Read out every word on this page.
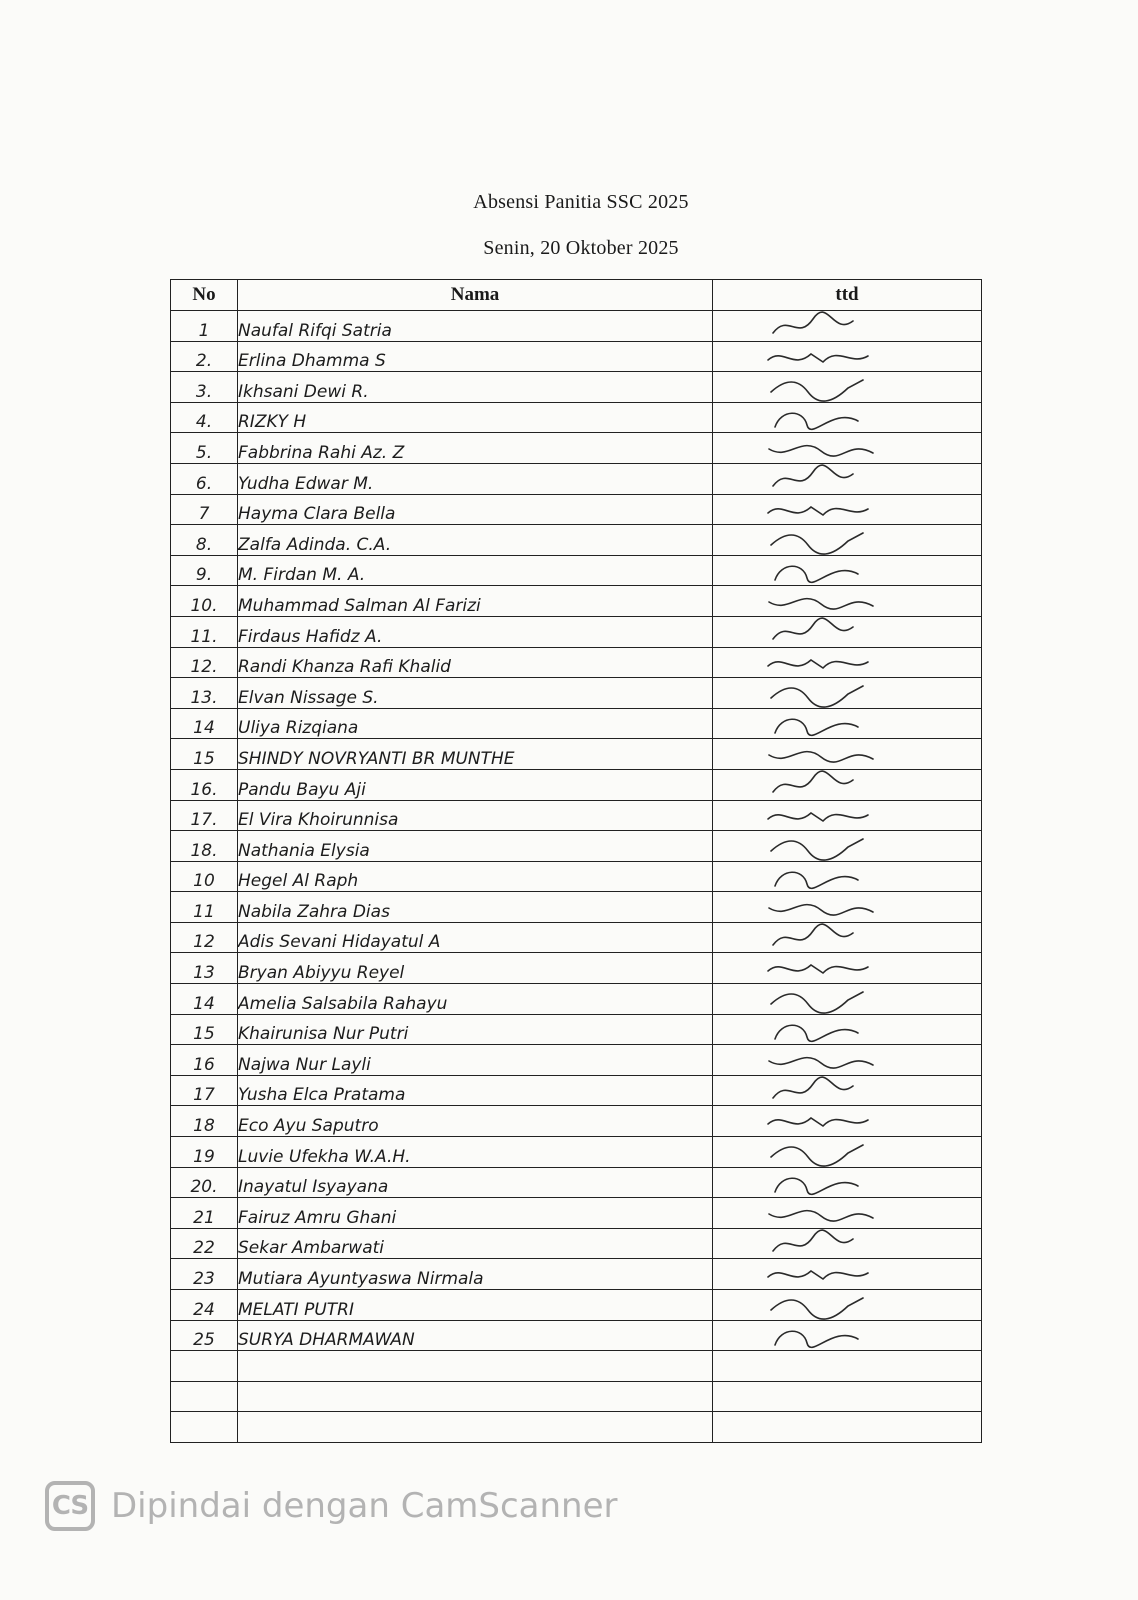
Absensi Panitia SSC 2025
Senin, 20 Oktober 2025
No	Nama	ttd
1	Naufal Rifqi Satria	

2.	Erlina Dhamma S	

3.	Ikhsani Dewi R.	

4.	RIZKY H	

5.	Fabbrina Rahi Az. Z	

6.	Yudha Edwar M.	

7	Hayma Clara Bella	

8.	Zalfa Adinda. C.A.	

9.	M. Firdan M. A.	

10.	Muhammad Salman Al Farizi	

11.	Firdaus Hafidz A.	

12.	Randi Khanza Rafi Khalid	

13.	Elvan Nissage S.	

14	Uliya Rizqiana	

15	SHINDY NOVRYANTI BR MUNTHE	

16.	Pandu Bayu Aji	

17.	El Vira Khoirunnisa	

18.	Nathania Elysia	

10	Hegel Al Raph	

11	Nabila Zahra Dias	

12	Adis Sevani Hidayatul A	

13	Bryan Abiyyu Reyel	

14	Amelia Salsabila Rahayu	

15	Khairunisa Nur Putri	

16	Najwa Nur Layli	

17	Yusha Elca Pratama	

18	Eco Ayu Saputro	

19	Luvie Ufekha W.A.H.	

20.	Inayatul Isyayana	

21	Fairuz Amru Ghani	

22	Sekar Ambarwati	

23	Mutiara Ayuntyaswa Nirmala	

24	MELATI PUTRI	

25	SURYA DHARMAWAN	

CS Dipindai dengan CamScanner
